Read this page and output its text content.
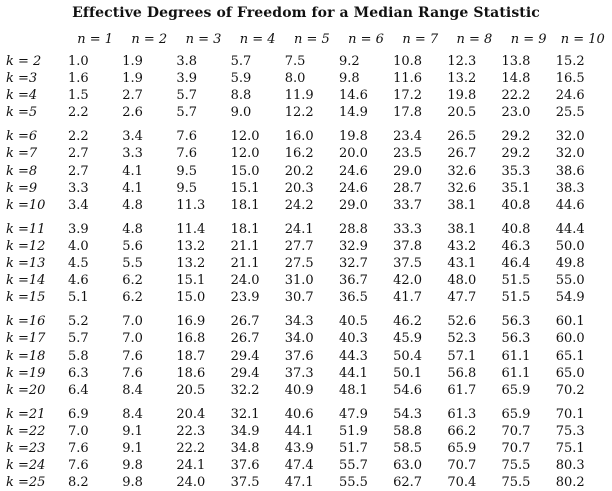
Effective Degrees of Freedom for a Median Range Statistic
	n = 1	n = 2	n = 3	n = 4	n = 5	n = 6	n = 7	n = 8	n = 9	n = 10
k = 2	1.0	1.9	3.8	5.7	7.5	9.2	10.8	12.3	13.8	15.2
k =3	1.6	1.9	3.9	5.9	8.0	9.8	11.6	13.2	14.8	16.5
k =4	1.5	2.7	5.7	8.8	11.9	14.6	17.2	19.8	22.2	24.6
k =5	2.2	2.6	5.7	9.0	12.2	14.9	17.8	20.5	23.0	25.5
k =6	2.2	3.4	7.6	12.0	16.0	19.8	23.4	26.5	29.2	32.0
k =7	2.7	3.3	7.6	12.0	16.2	20.0	23.5	26.7	29.2	32.0
k =8	2.7	4.1	9.5	15.0	20.2	24.6	29.0	32.6	35.3	38.6
k =9	3.3	4.1	9.5	15.1	20.3	24.6	28.7	32.6	35.1	38.3
k =10	3.4	4.8	11.3	18.1	24.2	29.0	33.7	38.1	40.8	44.6
k =11	3.9	4.8	11.4	18.1	24.1	28.8	33.3	38.1	40.8	44.4
k =12	4.0	5.6	13.2	21.1	27.7	32.9	37.8	43.2	46.3	50.0
k =13	4.5	5.5	13.2	21.1	27.5	32.7	37.5	43.1	46.4	49.8
k =14	4.6	6.2	15.1	24.0	31.0	36.7	42.0	48.0	51.5	55.0
k =15	5.1	6.2	15.0	23.9	30.7	36.5	41.7	47.7	51.5	54.9
k =16	5.2	7.0	16.9	26.7	34.3	40.5	46.2	52.6	56.3	60.1
k =17	5.7	7.0	16.8	26.7	34.0	40.3	45.9	52.3	56.3	60.0
k =18	5.8	7.6	18.7	29.4	37.6	44.3	50.4	57.1	61.1	65.1
k =19	6.3	7.6	18.6	29.4	37.3	44.1	50.1	56.8	61.1	65.0
k =20	6.4	8.4	20.5	32.2	40.9	48.1	54.6	61.7	65.9	70.2
k =21	6.9	8.4	20.4	32.1	40.6	47.9	54.3	61.3	65.9	70.1
k =22	7.0	9.1	22.3	34.9	44.1	51.9	58.8	66.2	70.7	75.3
k =23	7.6	9.1	22.2	34.8	43.9	51.7	58.5	65.9	70.7	75.1
k =24	7.6	9.8	24.1	37.6	47.4	55.7	63.0	70.7	75.5	80.3
k =25	8.2	9.8	24.0	37.5	47.1	55.5	62.7	70.4	75.5	80.2
